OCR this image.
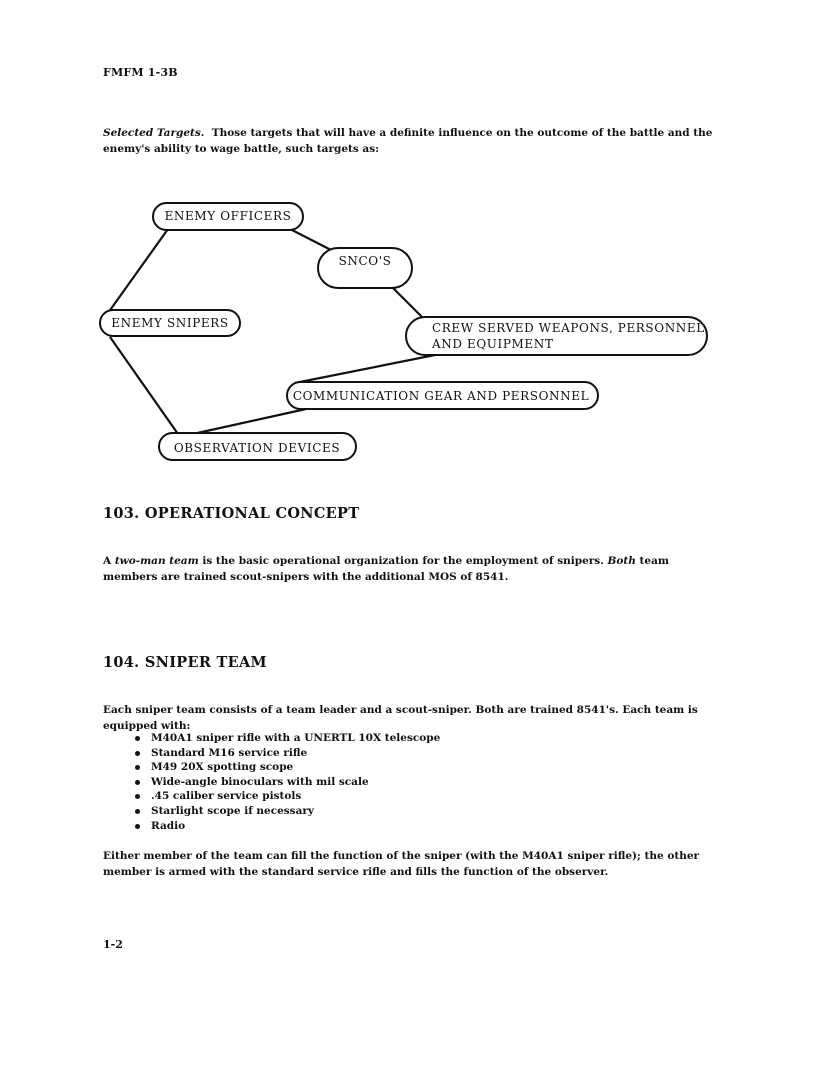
FMFM 1-3B
Selected Targets. Those targets that will have a definite influence on the outcome of the battle and the enemy's ability to wage battle, such targets as:
ENEMY OFFICERS
SNCO'S
ENEMY SNIPERS	CREW SERVED WEAPONS, PERSONNEL,
AND EQUIPMENT
COMMUNICATION GEAR AND PERSONNEL
OBSERVATION DEVICES
103. OPERATIONAL CONCEPT
A two-man team is the basic operational organization for the employment of snipers. Both team members are trained scout-snipers with the additional MOS of 8541.
104. SNIPER TEAM
Each sniper team consists of a team leader and a scout-sniper. Both are trained 8541's. Each team is equipped with:
M40A1 sniper rifle with a UNERTL 10X telescope
Standard M16 service rifle
M49 20X spotting scope
Wide-angle binoculars with mil scale
.45 caliber service pistols
Starlight scope if necessary
Radio
Either member of the team can fill the function of the sniper (with the M40A1 sniper rifle); the other member is armed with the standard service rifle and fills the function of the observer.
1-2
